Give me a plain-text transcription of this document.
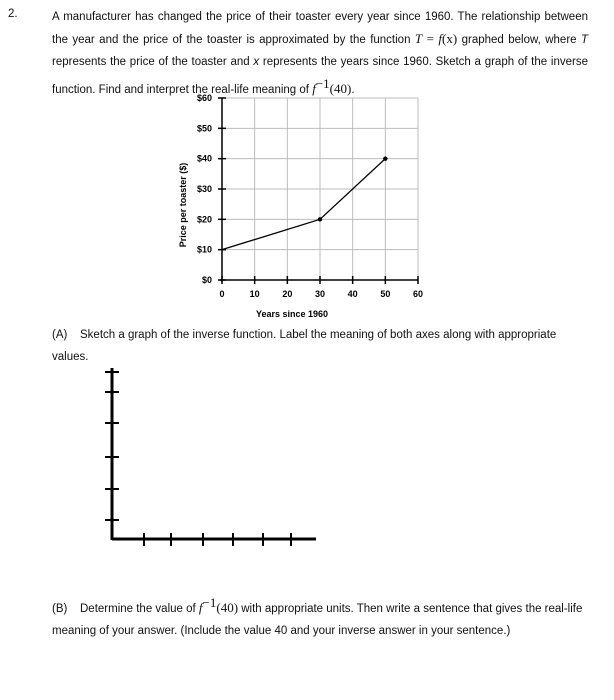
2.	A manufacturer has changed the price of their toaster every year since 1960. The relationship between the year and the price of the toaster is approximated by the function T = f(x) graphed below, where T represents the price of the toaster and x represents the years since 1960. Sketch a graph of the inverse function. Find and interpret the real-life meaning of $f^{-1}(40)$.
0	10	20	30	40	50	60
$0
$10
$20
$30
$40
$50
$60
Years since 1960
Price per toaster ($)
(A) Sketch a graph of the inverse function. Label the meaning of both axes along with appropriate values.
(B) Determine the value of $f^{-1}(40)$ with appropriate units. Then write a sentence that gives the real-life meaning of your answer. (Include the value 40 and your inverse answer in your sentence.)
